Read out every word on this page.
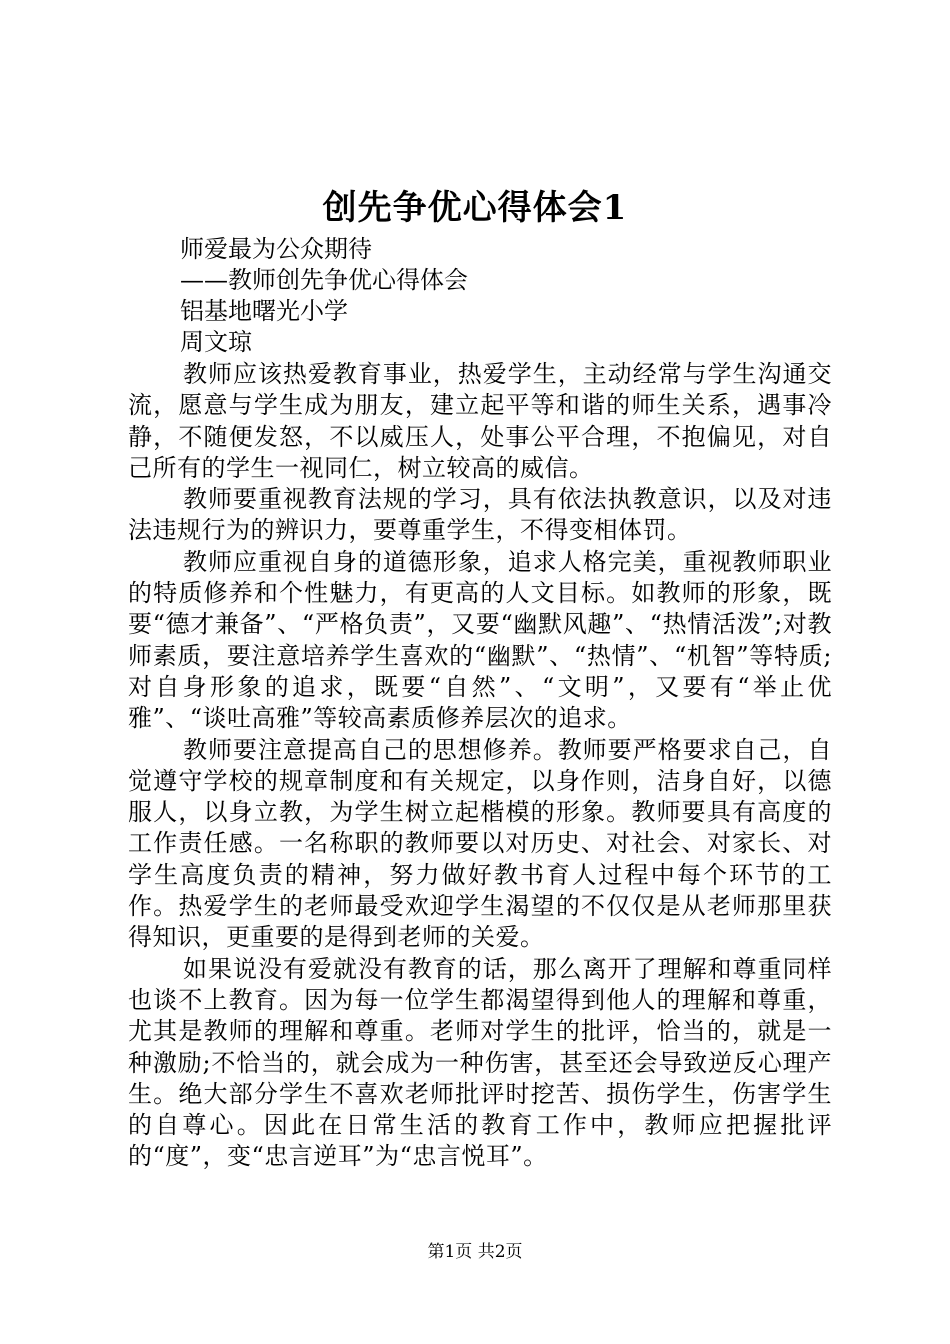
创先争优心得体会1
师爱最为公众期待
——教师创先争优心得体会
铝基地曙光小学
周文琼

教师应该热爱教育事业，热爱学生，主动经常与学生沟通交流，愿意与学生成为朋友，建立起平等和谐的师生关系，遇事冷静，不随便发怒，不以威压人，处事公平合理，不抱偏见，对自己所有的学生一视同仁，树立较高的威信。

教师要重视教育法规的学习，具有依法执教意识，以及对违法违规行为的辨识力，要尊重学生，不得变相体罚。

教师应重视自身的道德形象，追求人格完美，重视教师职业的特质修养和个性魅力，有更高的人文目标。如教师的形象，既要“德才兼备”、“严格负责”，又要“幽默风趣”、“热情活泼”;对教师素质，要注意培养学生喜欢的“幽默”、“热情”、“机智”等特质;对自身形象的追求，既要“自然”、“文明”，又要有“举止优雅”、“谈吐高雅”等较高素质修养层次的追求。

教师要注意提高自己的思想修养。教师要严格要求自己，自觉遵守学校的规章制度和有关规定，以身作则，洁身自好，以德服人，以身立教，为学生树立起楷模的形象。教师要具有高度的工作责任感。一名称职的教师要以对历史、对社会、对家长、对学生高度负责的精神，努力做好教书育人过程中每个环节的工作。热爱学生的老师最受欢迎学生渴望的不仅仅是从老师那里获得知识，更重要的是得到老师的关爱。

如果说没有爱就没有教育的话，那么离开了理解和尊重同样也谈不上教育。因为每一位学生都渴望得到他人的理解和尊重，尤其是教师的理解和尊重。老师对学生的批评，恰当的，就是一种激励;不恰当的，就会成为一种伤害，甚至还会导致逆反心理产生。绝大部分学生不喜欢老师批评时挖苦、损伤学生，伤害学生的自尊心。因此在日常生活的教育工作中，教师应把握批评的“度”，变“忠言逆耳”为“忠言悦耳”。

第1页 共2页
